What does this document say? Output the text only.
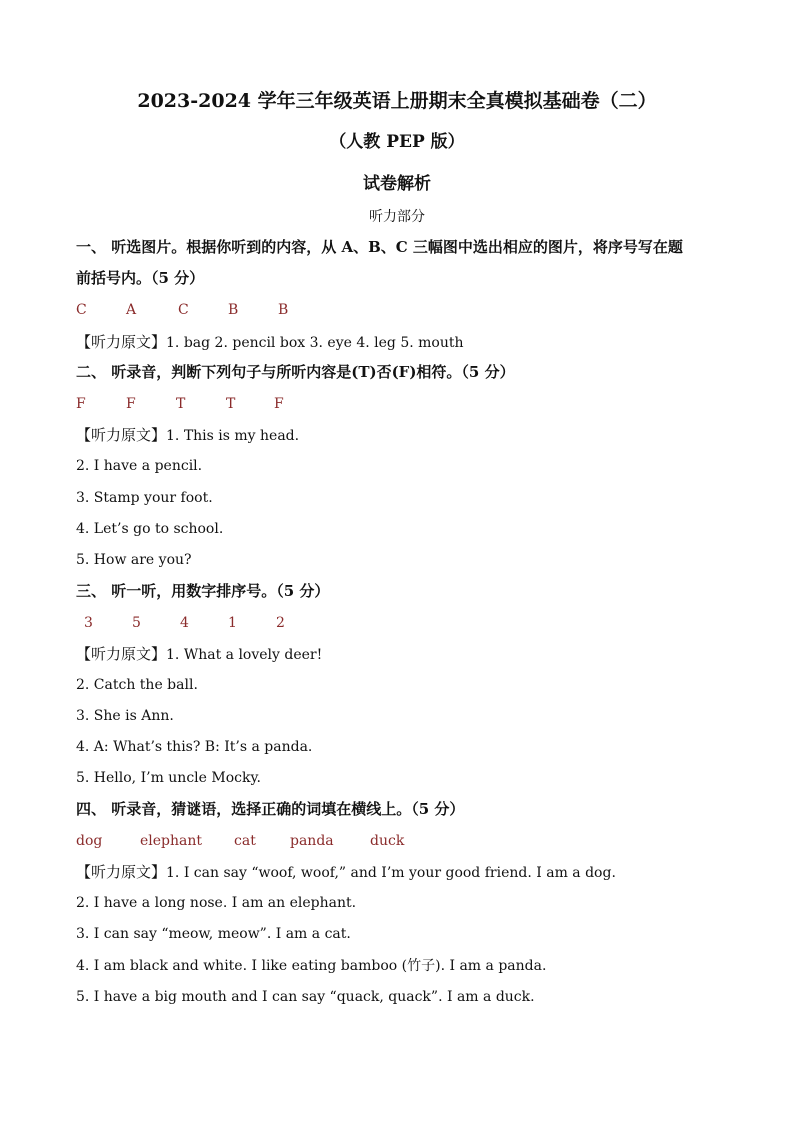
2023-2024 学年三年级英语上册期末全真模拟基础卷（二）
（人教 PEP 版）
试卷解析
听力部分
一、 听选图片。根据你听到的内容，从 A、B、C 三幅图中选出相应的图片，将序号写在题
前括号内。（5 分）
C	A	C	B	B
【听力原文】1. bag 2. pencil box 3. eye 4. leg 5. mouth
二、 听录音，判断下列句子与所听内容是(T)否(F)相符。（5 分）
F	F	T	T	F
【听力原文】1. This is my head.
2. I have a pencil.
3. Stamp your foot.
4. Let’s go to school.
5. How are you?
三、 听一听，用数字排序号。（5 分）
3	5	4	1	2
【听力原文】1. What a lovely deer!
2. Catch the ball.
3. She is Ann.
4. A: What’s this? B: It’s a panda.
5. Hello, I’m uncle Mocky.
四、 听录音，猜谜语，选择正确的词填在横线上。（5 分）
dog	elephant cat panda	duck
【听力原文】1. I can say “woof, woof,” and I’m your good friend. I am a dog.
2. I have a long nose. I am an elephant.
3. I can say “meow, meow”. I am a cat.
4. I am black and white. I like eating bamboo (竹子). I am a panda.
5. I have a big mouth and I can say “quack, quack”. I am a duck.
